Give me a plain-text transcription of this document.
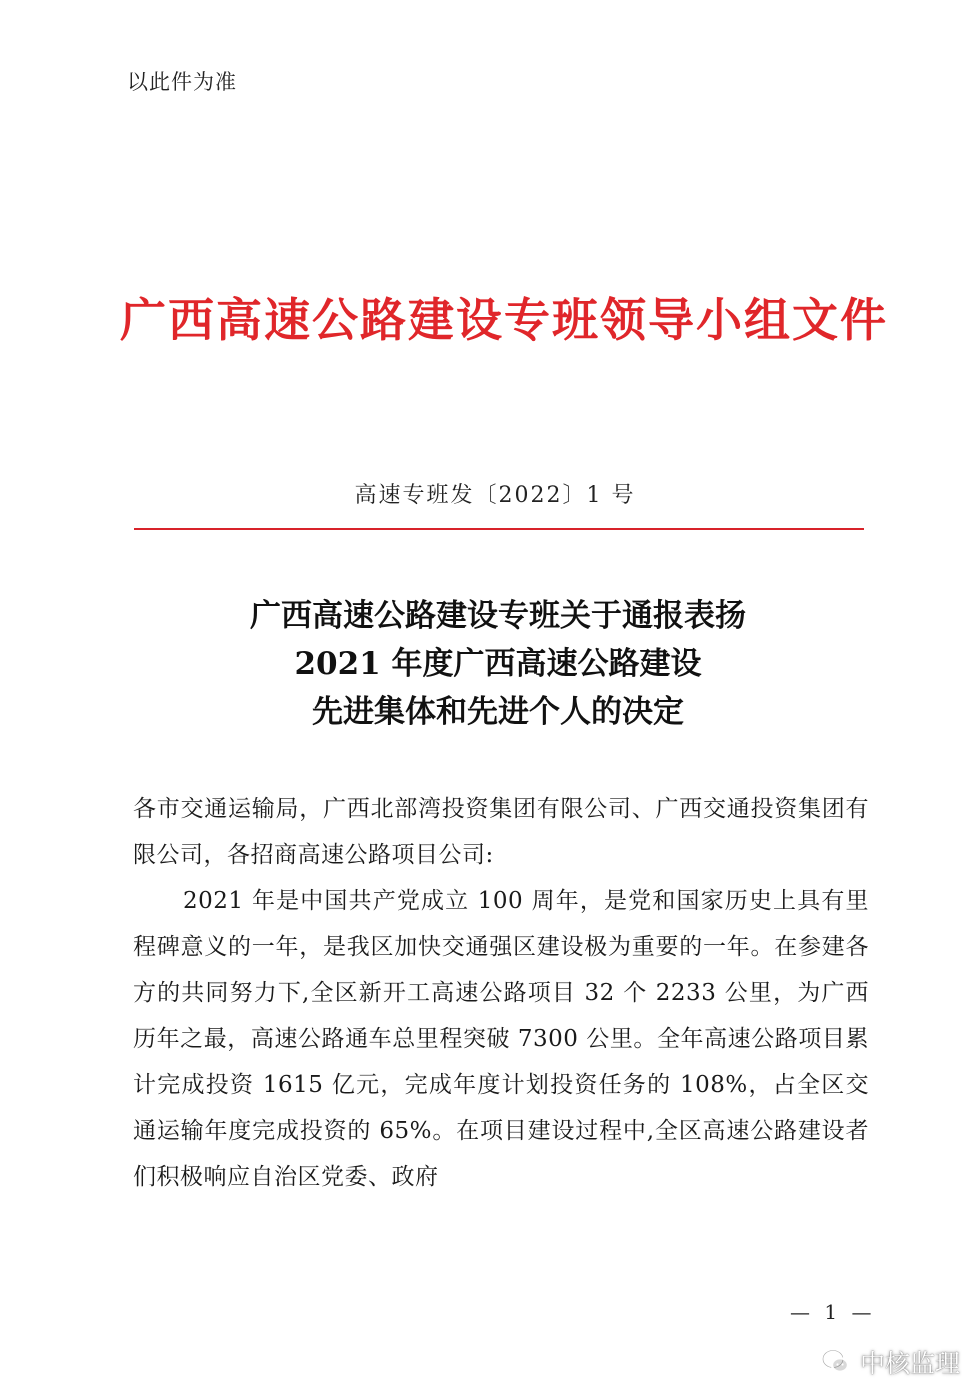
以此件为准

广西高速公路建设专班领导小组文件

高速专班发〔2022〕1 号

广西高速公路建设专班关于通报表扬
2021 年度广西高速公路建设
先进集体和先进个人的决定

各市交通运输局，广西北部湾投资集团有限公司、广西交通投资集团有限公司，各招商高速公路项目公司:

2021 年是中国共产党成立 100 周年，是党和国家历史上具有里程碑意义的一年，是我区加快交通强区建设极为重要的一年。在参建各方的共同努力下,全区新开工高速公路项目 32 个 2233 公里，为广西历年之最，高速公路通车总里程突破 7300 公里。全年高速公路项目累计完成投资 1615 亿元，完成年度计划投资任务的 108%，占全区交通运输年度完成投资的 65%。在项目建设过程中,全区高速公路建设者们积极响应自治区党委、政府

— 1 —

中核监理
